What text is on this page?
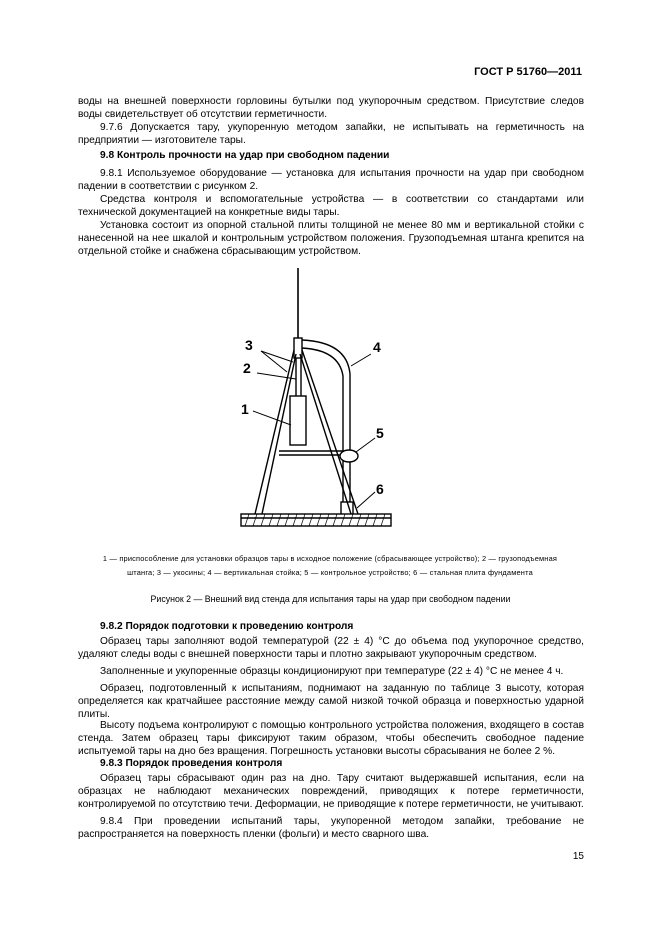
ГОСТ Р 51760—2011
воды на внешней поверхности горловины бутылки под укупорочным средством. Присутствие следов воды свидетельствует об отсутствии герметичности.
9.7.6 Допускается тару, укупоренную методом запайки, не испытывать на герметичность на предприятии — изготовителе тары.
9.8 Контроль прочности на удар при свободном падении
9.8.1 Используемое оборудование — установка для испытания прочности на удар при свободном падении в соответствии с рисунком 2.
Средства контроля и вспомогательные устройства — в соответствии со стандартами или технической документацией на конкретные виды тары.
Установка состоит из опорной стальной плиты толщиной не менее 80 мм и вертикальной стойки с нанесенной на нее шкалой и контрольным устройством положения. Грузоподъемная штанга крепится на отдельной стойке и снабжена сбрасывающим устройством.
3
2
1
4
5
6
1 — приспособление для установки образцов тары в исходное положение (сбрасывающее устройство); 2 — грузоподъемная
штанга; 3 — укосины; 4 — вертикальная стойка; 5 — контрольное устройство; 6 — стальная плита фундамента
Рисунок 2 — Внешний вид стенда для испытания тары на удар при свободном падении
9.8.2 Порядок подготовки к проведению контроля
Образец тары заполняют водой температурой (22 ± 4) °С до объема под укупорочное средство, удаляют следы воды с внешней поверхности тары и плотно закрывают укупорочным средством.
Заполненные и укупоренные образцы кондиционируют при температуре (22 ± 4) °С не менее 4 ч.
Образец, подготовленный к испытаниям, поднимают на заданную по таблице 3 высоту, которая определяется как кратчайшее расстояние между самой низкой точкой образца и поверхностью ударной плиты.
Высоту подъема контролируют с помощью контрольного устройства положения, входящего в состав стенда. Затем образец тары фиксируют таким образом, чтобы обеспечить свободное падение испытуемой тары на дно без вращения. Погрешность установки высоты сбрасывания не более 2 %.
9.8.3 Порядок проведения контроля
Образец тары сбрасывают один раз на дно. Тару считают выдержавшей испытания, если на образцах не наблюдают механических повреждений, приводящих к потере герметичности, контролируемой по отсутствию течи. Деформации, не приводящие к потере герметичности, не учитывают.
9.8.4 При проведении испытаний тары, укупоренной методом запайки, требование не распространяется на поверхность пленки (фольги) и место сварного шва.
15
